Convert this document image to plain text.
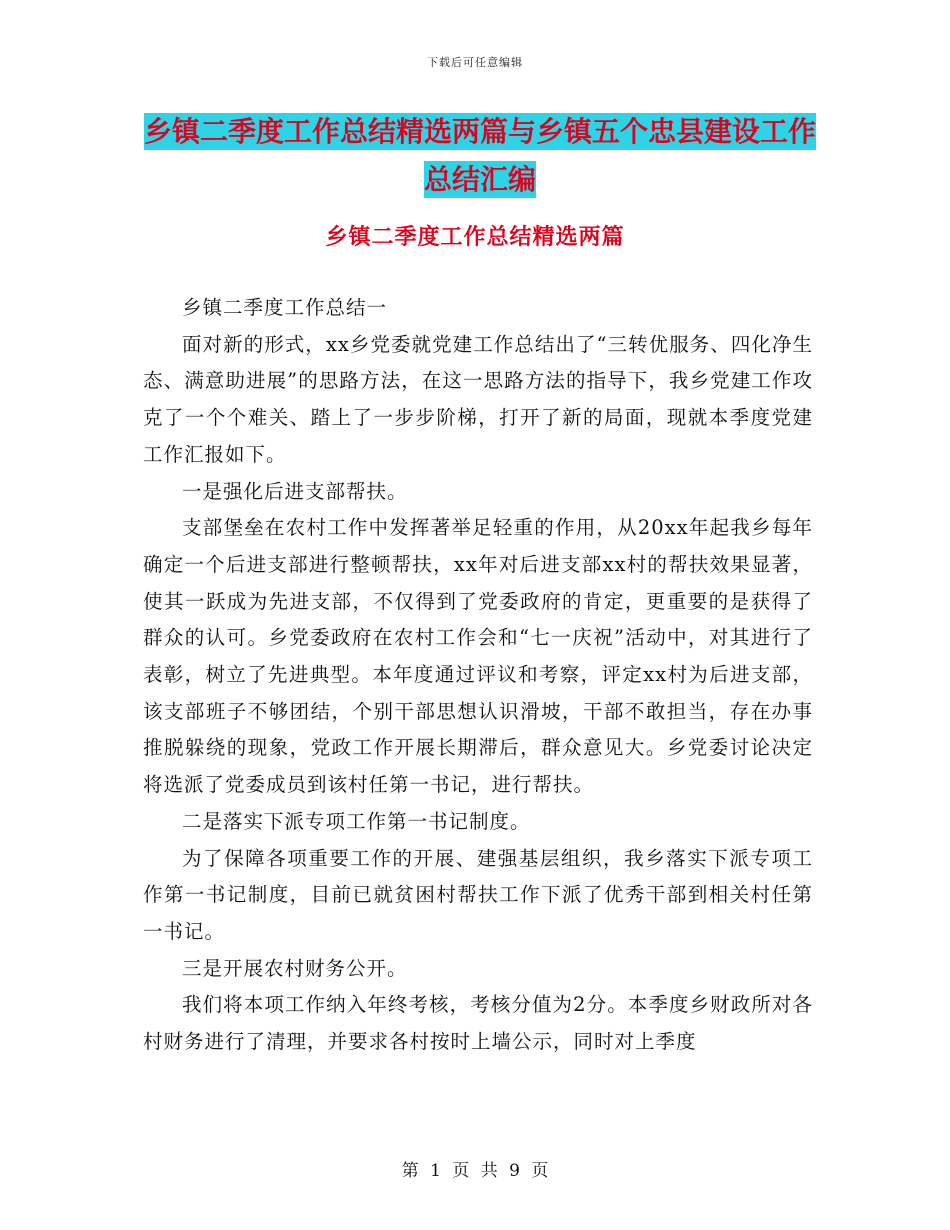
下载后可任意编辑
乡镇二季度工作总结精选两篇与乡镇五个忠县建设工作总结汇编
乡镇二季度工作总结精选两篇

乡镇二季度工作总结一

面对新的形式，xx乡党委就党建工作总结出了“三转优服务、四化净生态、满意助进展”的思路方法，在这一思路方法的指导下，我乡党建工作攻克了一个个难关、踏上了一步步阶梯，打开了新的局面，现就本季度党建工作汇报如下。

一是强化后进支部帮扶。

支部堡垒在农村工作中发挥著举足轻重的作用，从20xx年起我乡每年确定一个后进支部进行整顿帮扶，xx年对后进支部xx村的帮扶效果显著，使其一跃成为先进支部，不仅得到了党委政府的肯定，更重要的是获得了群众的认可。乡党委政府在农村工作会和“七一庆祝”活动中，对其进行了表彰，树立了先进典型。本年度通过评议和考察，评定xx村为后进支部，该支部班子不够团结，个别干部思想认识滑坡，干部不敢担当，存在办事推脱躲绕的现象，党政工作开展长期滞后，群众意见大。乡党委讨论决定将选派了党委成员到该村任第一书记，进行帮扶。

二是落实下派专项工作第一书记制度。

为了保障各项重要工作的开展、建强基层组织，我乡落实下派专项工作第一书记制度，目前已就贫困村帮扶工作下派了优秀干部到相关村任第一书记。

三是开展农村财务公开。

我们将本项工作纳入年终考核，考核分值为2分。本季度乡财政所对各村财务进行了清理，并要求各村按时上墙公示，同时对上季度

第 1 页 共 9 页
